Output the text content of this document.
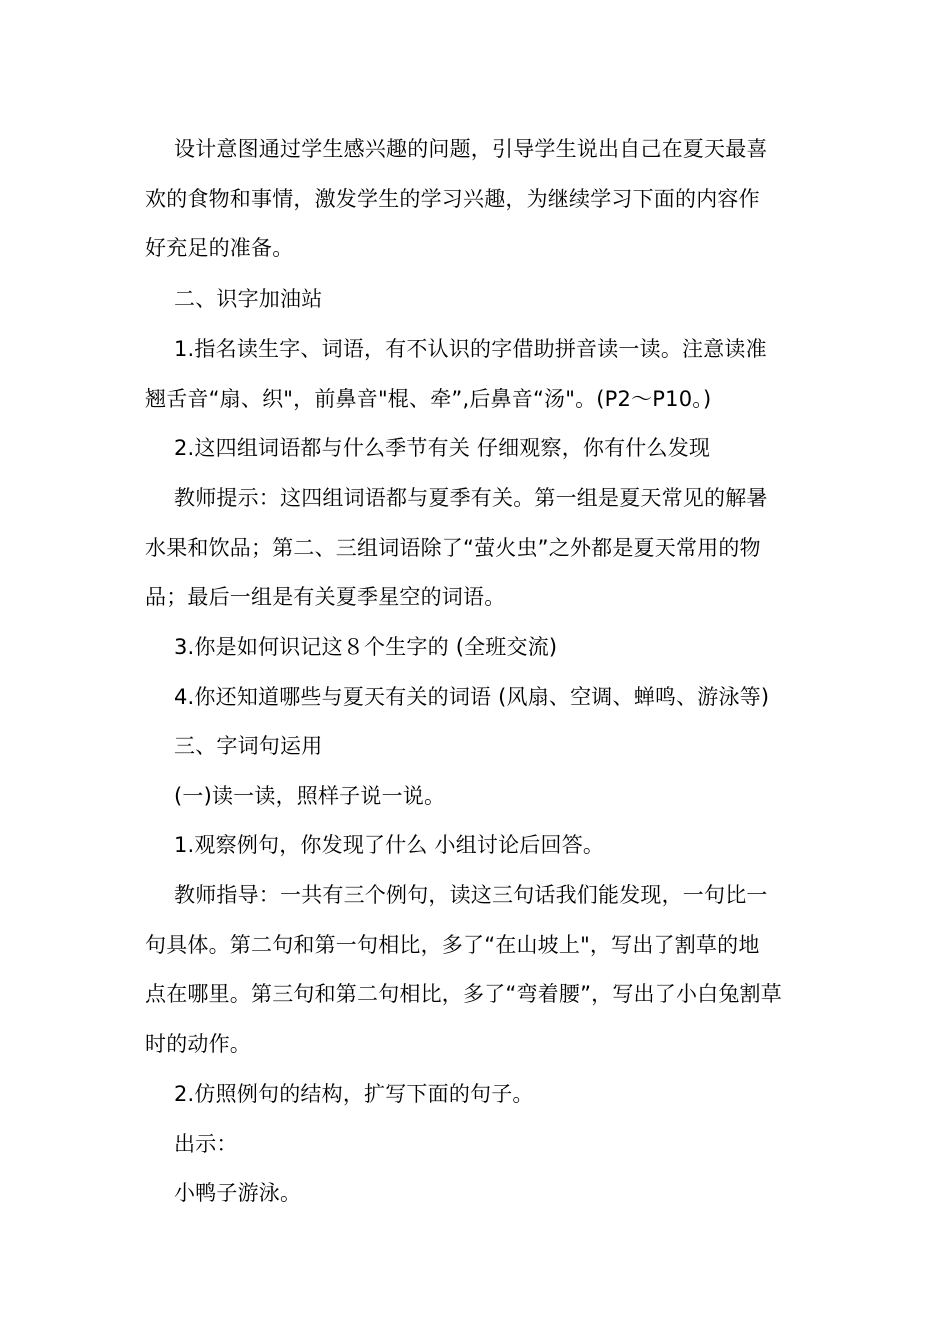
设计意图通过学生感兴趣的问题，引导学生说出自己在夏天最喜
欢的食物和事情，激发学生的学习兴趣，为继续学习下面的内容作
好充足的准备。

二、识字加油站

1.指名读生字、词语，有不认识的字借助拼音读一读。注意读准
翘舌音“扇、织"，前鼻音"棍、牵”,后鼻音“汤"。(P2～P10。)

2.这四组词语都与什么季节有关 仔细观察，你有什么发现

教师提示：这四组词语都与夏季有关。第一组是夏天常见的解暑
水果和饮品；第二、三组词语除了“萤火虫”之外都是夏天常用的物
品；最后一组是有关夏季星空的词语。

3.你是如何识记这８个生字的 (全班交流)

4.你还知道哪些与夏天有关的词语 (风扇、空调、蝉鸣、游泳等)

三、字词句运用

(一)读一读，照样子说一说。

1.观察例句，你发现了什么 小组讨论后回答。

教师指导：一共有三个例句，读这三句话我们能发现，一句比一
句具体。第二句和第一句相比，多了“在山坡上"，写出了割草的地
点在哪里。第三句和第二句相比，多了“弯着腰”，写出了小白兔割草
时的动作。

2.仿照例句的结构，扩写下面的句子。

出示：

小鸭子游泳。
